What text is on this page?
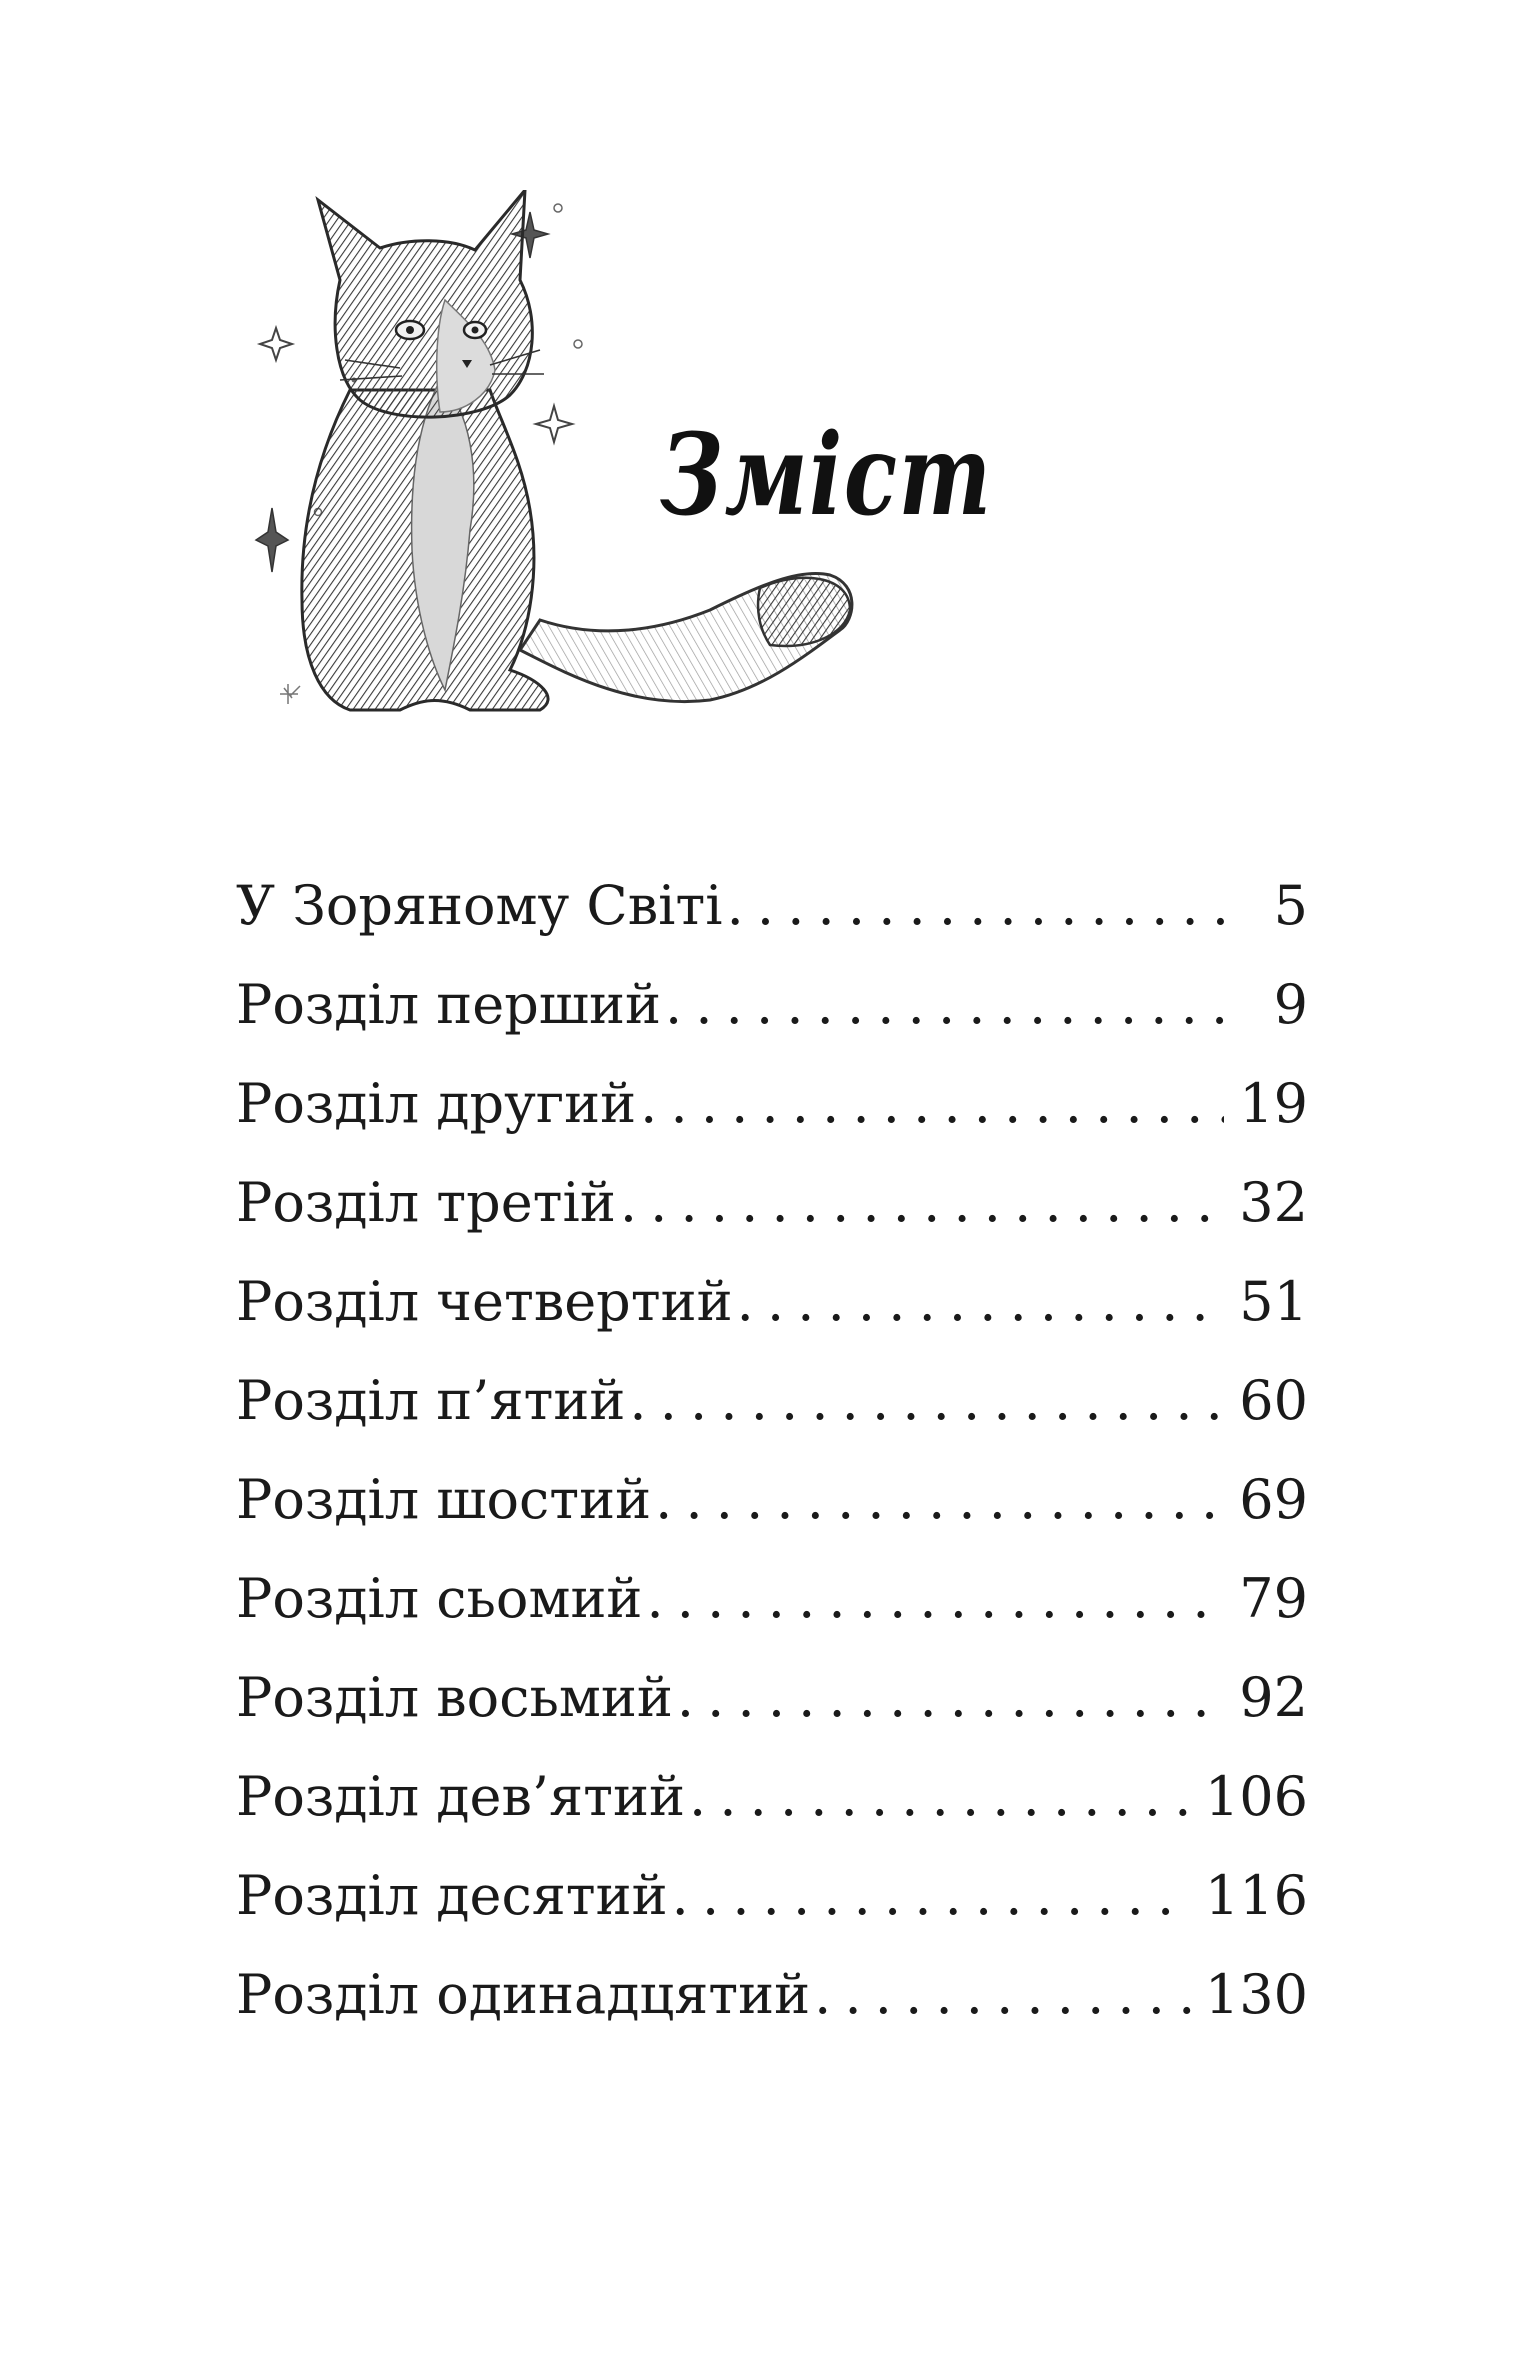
Зміст
У Зоряному Світі . . .	5
Розділ перший . . .	9
Розділ другий . . .	19
Розділ третій . . .	32
Розділ четвертий . . .	51
Розділ п’ятий . . .	60
Розділ шостий . . .	69
Розділ сьомий . . .	79
Розділ восьмий . . .	92
Розділ дев’ятий . . .	106
Розділ десятий . . .	116
Розділ одинадцятий . . .	130
